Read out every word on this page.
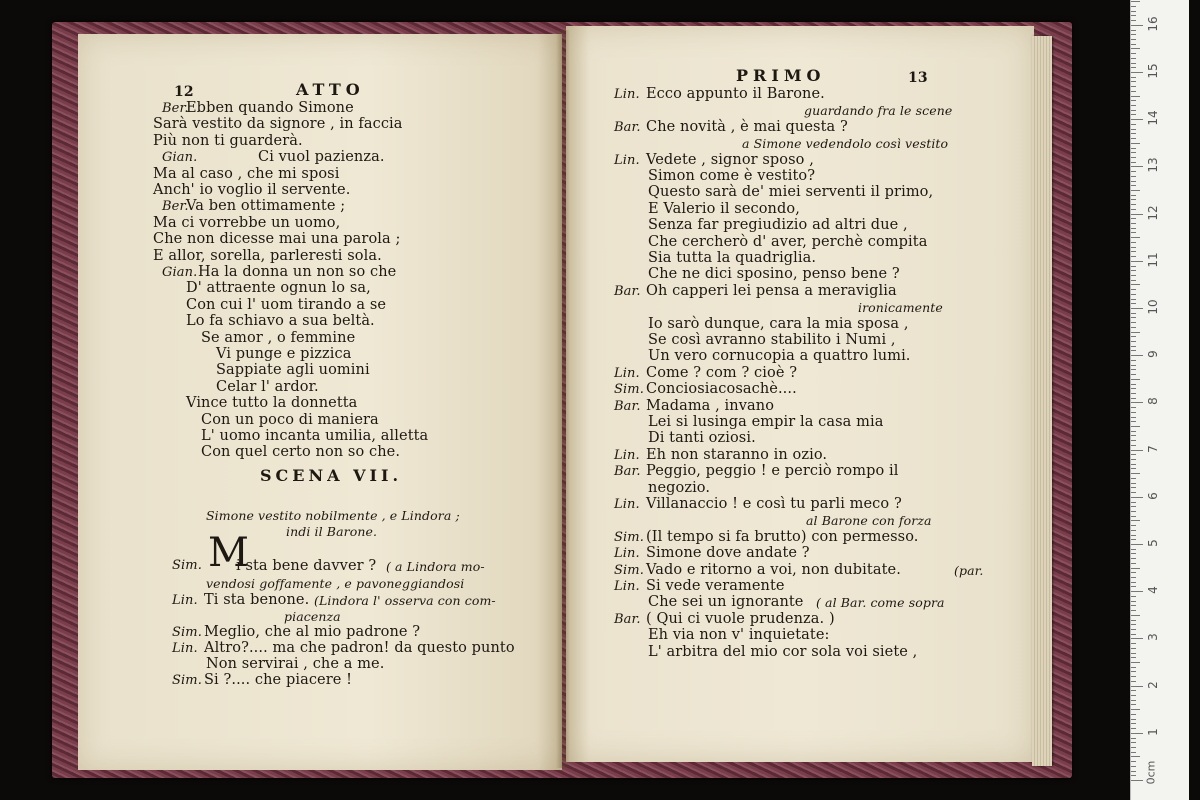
12	ATTO
Ber.
Ebben quando Simone
Sarà vestito da signore , in faccia
Più non ti guarderà.
Gian.	Ci vuol pazienza.
Ma al caso , che mi sposi
Anch' io voglio il servente.
Ber.
Va ben ottimamente ;
Ma ci vorrebbe un uomo,
Che non dicesse mai una parola ;
E allor, sorella, parleresti sola.
Gian. Ha la donna un non so che
D' attraente ognun lo sa,
Con cui l' uom tirando a se
Lo fa schiavo a sua beltà.
Se amor , o femmine
Vi punge e pizzica
Sappiate agli uomini
Celar l' ardor.
Vince tutto la donnetta
Con un poco di maniera
L' uomo incanta umilia, alletta
Con quel certo non so che.
SCENA VII.
Simone vestito nobilmente , e Lindora ;
indi il Barone.
Sim. M
i sta bene davver ? ( a Lindora mo-
vendosi goffamente , e pavoneggiandosi
Lin. Ti sta benone. (Lindora l' osserva con com-
piacenza
Sim. Meglio, che al mio padrone ?
Lin. Altro?.... ma che padron! da questo punto
Non servirai , che a me.
Sim. Si ?.... che piacere !
PRIMO	13
Lin. Ecco appunto il Barone.
guardando fra le scene
Bar. Che novità , è mai questa ?
a Simone vedendolo così vestito
Lin. Vedete , signor sposo ,
Simon come è vestito?
Questo sarà de' miei serventi il primo,
E Valerio il secondo,
Senza far pregiudizio ad altri due ,
Che cercherò d' aver, perchè compita
Sia tutta la quadriglia.
Che ne dici sposino, penso bene ?
Bar. Oh capperi lei pensa a meraviglia
ironicamente
Io sarò dunque, cara la mia sposa ,
Se così avranno stabilito i Numi ,
Un vero cornucopia a quattro lumi.
Lin. Come ? com ? cioè ?
Sim. Conciosiacosachè....
Bar. Madama , invano
Lei si lusinga empir la casa mia
Di tanti oziosi.
Lin. Eh non staranno in ozio.
Bar. Peggio, peggio ! e perciò rompo il
negozio.
Lin. Villanaccio ! e così tu parli meco ?
al Barone con forza
Sim. (Il tempo si fa brutto) con permesso.
Lin. Simone dove andate ?
Sim. Vado e ritorno a voi, non dubitate.	(par.
Lin. Si vede veramente
Che sei un ignorante ( al Bar. come sopra
Bar. ( Qui ci vuole prudenza. )
Eh via non v' inquietate:
L' arbitra del mio cor sola voi siete ,
1
2
3
4
5
6
7
8
9
10
11
12
13
14
15
16
0cm
